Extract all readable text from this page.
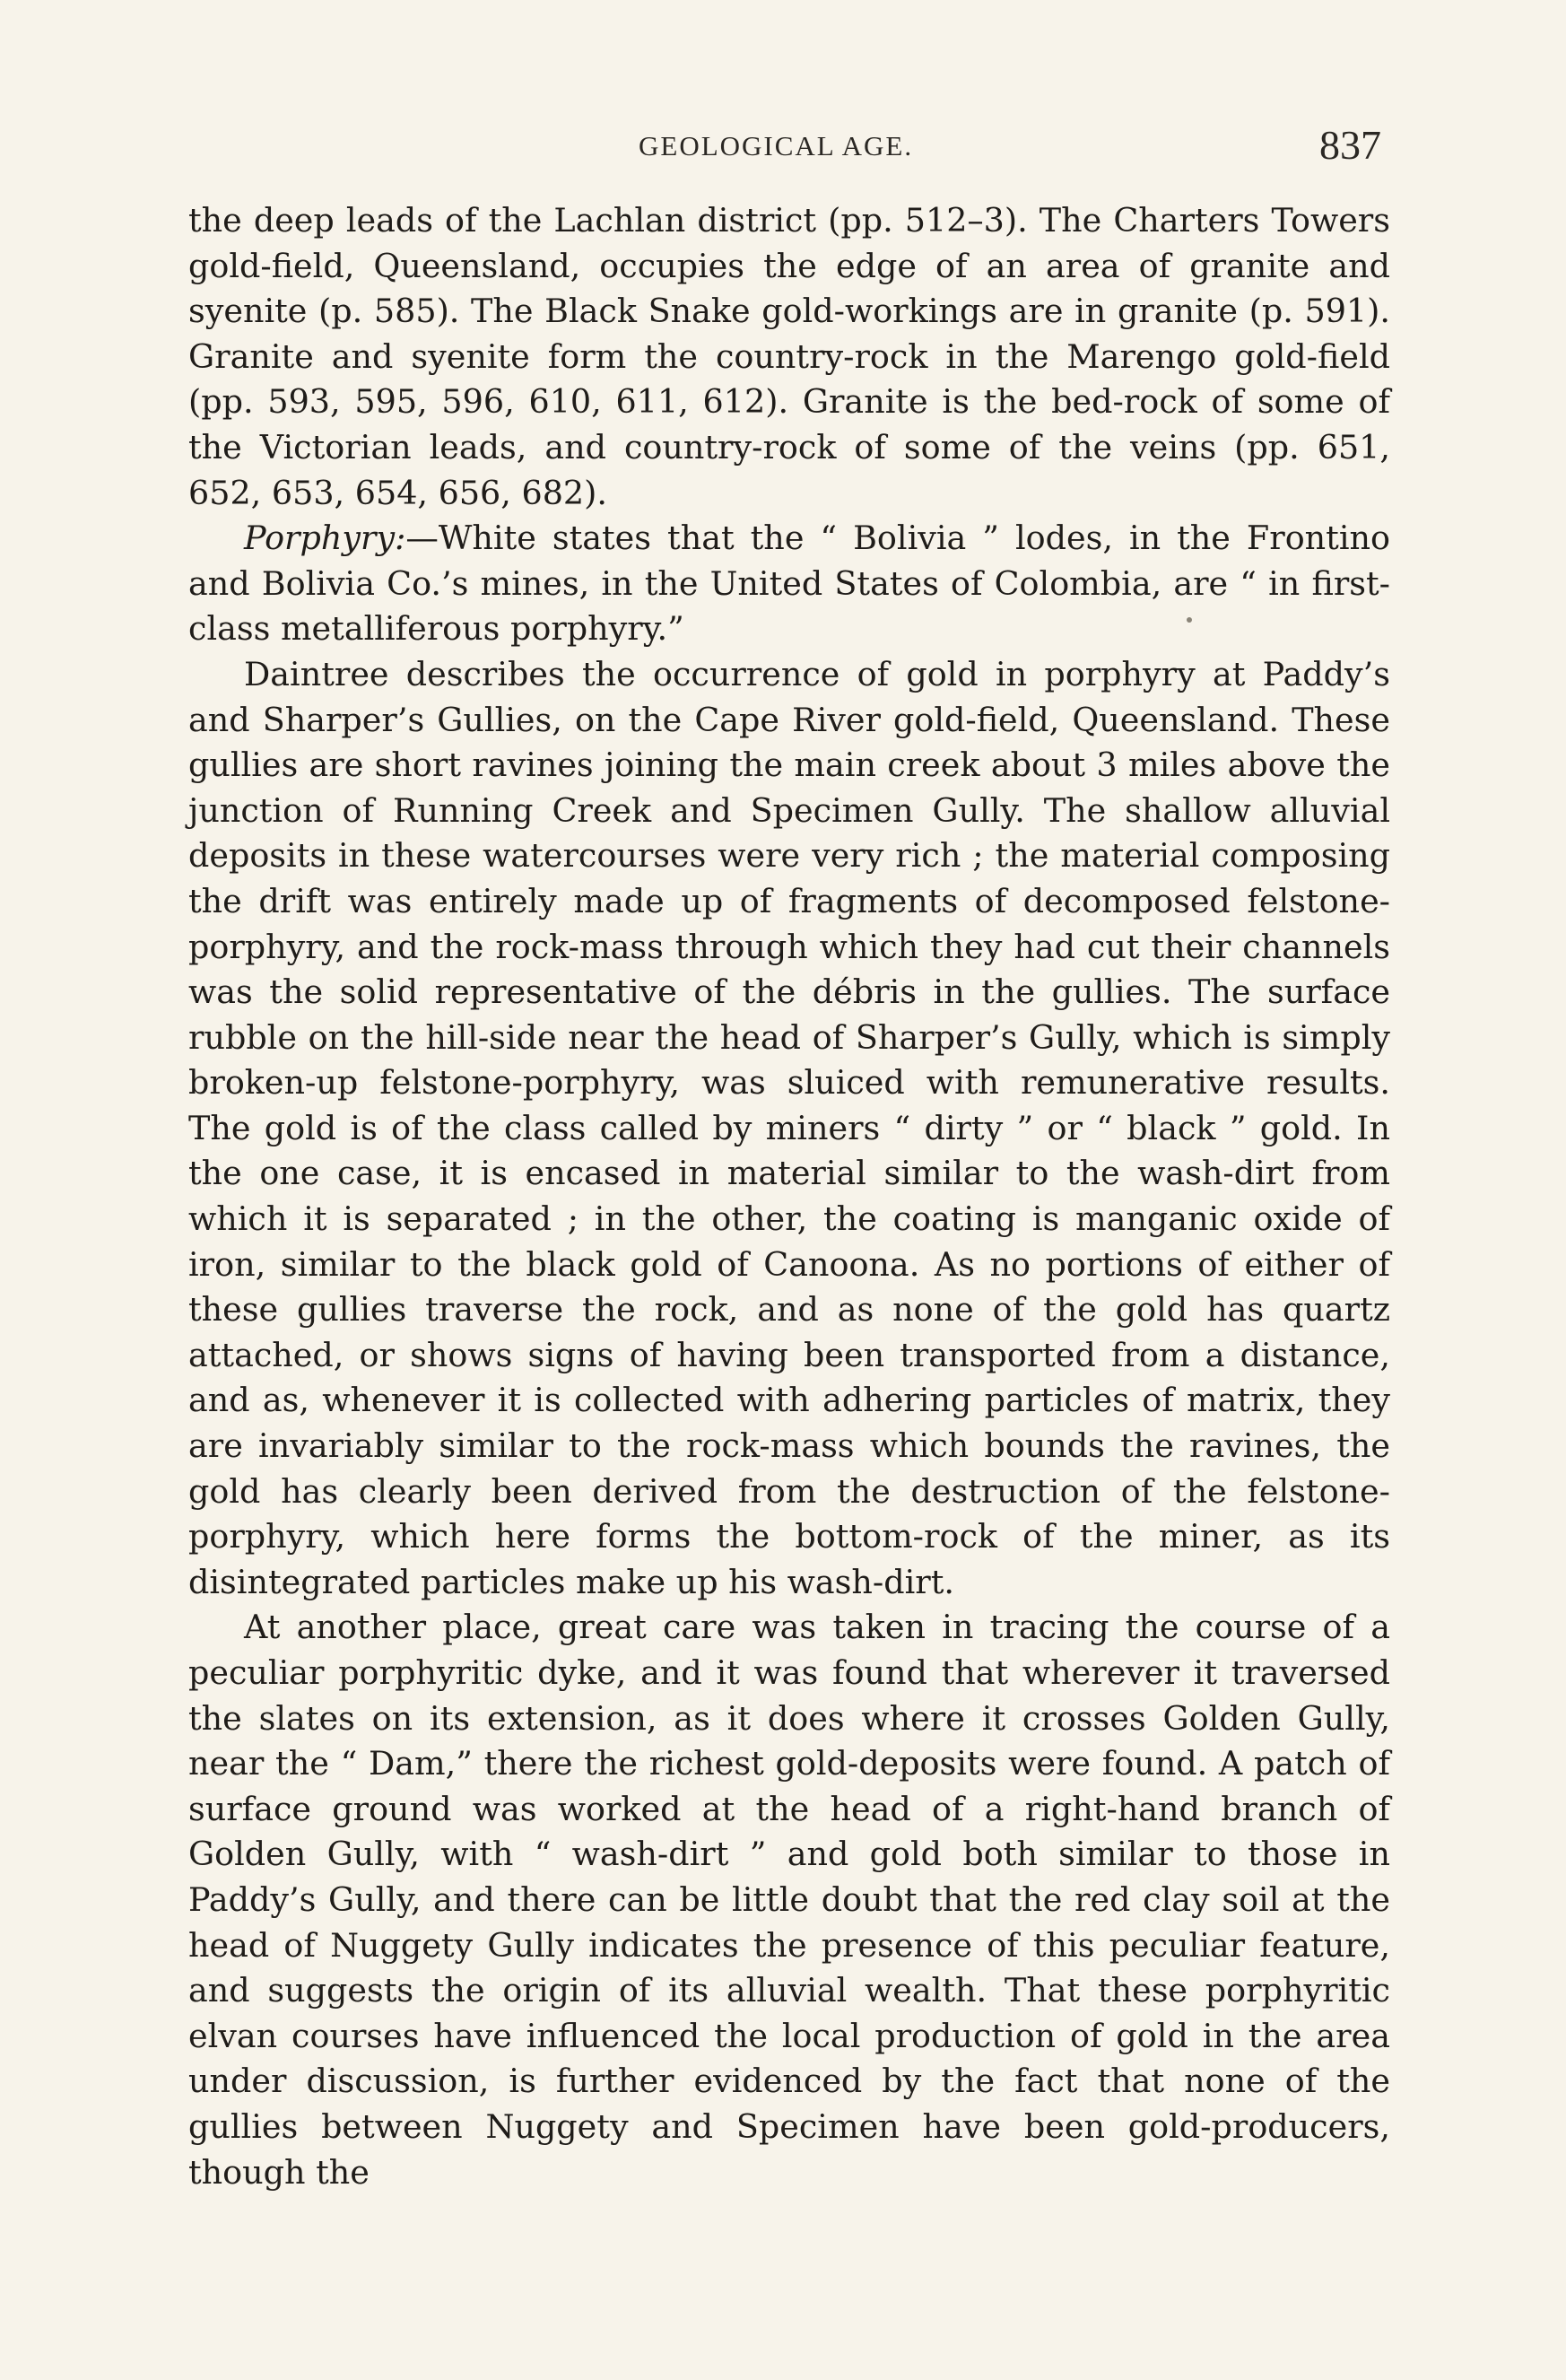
GEOLOGICAL AGE.	837

the deep leads of the Lachlan district (pp. 512–3). The Charters Towers gold-field, Queensland, occupies the edge of an area of granite and syenite (p. 585). The Black Snake gold-workings are in granite (p. 591). Granite and syenite form the country-rock in the Marengo gold-field (pp. 593, 595, 596, 610, 611, 612). Granite is the bed-rock of some of the Victorian leads, and country-rock of some of the veins (pp. 651, 652, 653, 654, 656, 682).

Porphyry:—White states that the “ Bolivia ” lodes, in the Frontino and Bolivia Co.’s mines, in the United States of Colombia, are “ in first-class metalliferous porphyry.”

Daintree describes the occurrence of gold in porphyry at Paddy’s and Sharper’s Gullies, on the Cape River gold-field, Queensland. These gullies are short ravines joining the main creek about 3 miles above the junction of Running Creek and Specimen Gully. The shallow alluvial deposits in these watercourses were very rich ; the material composing the drift was entirely made up of fragments of decomposed felstone-porphyry, and the rock-mass through which they had cut their channels was the solid representative of the débris in the gullies. The surface rubble on the hill-side near the head of Sharper’s Gully, which is simply broken-up felstone-porphyry, was sluiced with remunerative results. The gold is of the class called by miners “ dirty ” or “ black ” gold. In the one case, it is encased in material similar to the wash-dirt from which it is separated ; in the other, the coating is manganic oxide of iron, similar to the black gold of Canoona. As no portions of either of these gullies traverse the rock, and as none of the gold has quartz attached, or shows signs of having been transported from a distance, and as, whenever it is collected with adhering particles of matrix, they are invariably similar to the rock-mass which bounds the ravines, the gold has clearly been derived from the destruction of the felstone-porphyry, which here forms the bottom-rock of the miner, as its disintegrated particles make up his wash-dirt.

At another place, great care was taken in tracing the course of a peculiar porphyritic dyke, and it was found that wherever it traversed the slates on its extension, as it does where it crosses Golden Gully, near the “ Dam,” there the richest gold-deposits were found. A patch of surface ground was worked at the head of a right-hand branch of Golden Gully, with “ wash-dirt ” and gold both similar to those in Paddy’s Gully, and there can be little doubt that the red clay soil at the head of Nuggety Gully indicates the presence of this peculiar feature, and suggests the origin of its alluvial wealth. That these porphyritic elvan courses have influenced the local production of gold in the area under discussion, is further evidenced by the fact that none of the gullies between Nuggety and Specimen have been gold-producers, though the
